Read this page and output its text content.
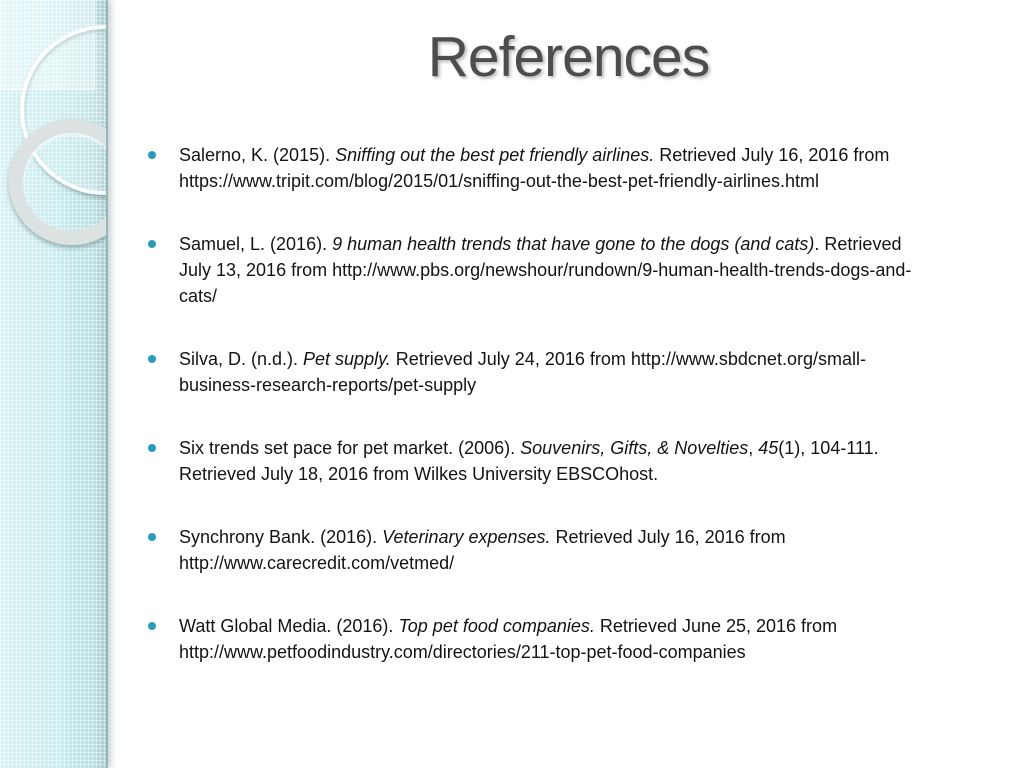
References
Salerno, K. (2015). Sniffing out the best pet friendly airlines. Retrieved July 16, 2016 from
https://www.tripit.com/blog/2015/01/sniffing-out-the-best-pet-friendly-airlines.html
Samuel, L. (2016). 9 human health trends that have gone to the dogs (and cats). Retrieved
July 13, 2016 from http://www.pbs.org/newshour/rundown/9-human-health-trends-dogs-and-
cats/
Silva, D. (n.d.). Pet supply. Retrieved July 24, 2016 from http://www.sbdcnet.org/small-
business-research-reports/pet-supply
Six trends set pace for pet market. (2006). Souvenirs, Gifts, & Novelties, 45(1), 104-111.
Retrieved July 18, 2016 from Wilkes University EBSCOhost.
Synchrony Bank. (2016). Veterinary expenses. Retrieved July 16, 2016 from
http://www.carecredit.com/vetmed/
Watt Global Media. (2016). Top pet food companies. Retrieved June 25, 2016 from
http://www.petfoodindustry.com/directories/211-top-pet-food-companies
